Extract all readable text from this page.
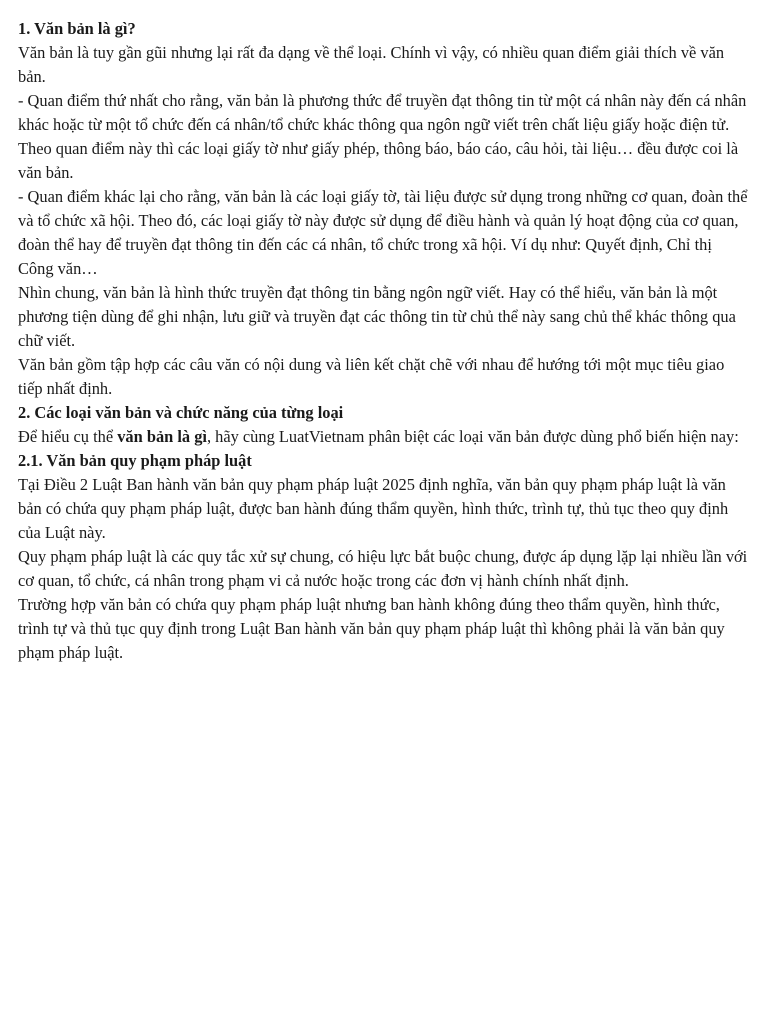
1. Văn bản là gì?

Văn bản là tuy gần gũi nhưng lại rất đa dạng về thể loại. Chính vì vậy, có nhiều quan điểm giải thích về văn bản.

- Quan điểm thứ nhất cho rằng, văn bản là phương thức để truyền đạt thông tin từ một cá nhân này đến cá nhân khác hoặc từ một tổ chức đến cá nhân/tổ chức khác thông qua ngôn ngữ viết trên chất liệu giấy hoặc điện tử.

Theo quan điểm này thì các loại giấy tờ như giấy phép, thông báo, báo cáo, câu hỏi, tài liệu… đều được coi là văn bản.

- Quan điểm khác lại cho rằng, văn bản là các loại giấy tờ, tài liệu được sử dụng trong những cơ quan, đoàn thể và tổ chức xã hội. Theo đó, các loại giấy tờ này được sử dụng để điều hành và quản lý hoạt động của cơ quan, đoàn thể hay để truyền đạt thông tin đến các cá nhân, tổ chức trong xã hội. Ví dụ như: Quyết định, Chỉ thị Công văn…

Nhìn chung, văn bản là hình thức truyền đạt thông tin bằng ngôn ngữ viết. Hay có thể hiểu, văn bản là một phương tiện dùng để ghi nhận, lưu giữ và truyền đạt các thông tin từ chủ thể này sang chủ thể khác thông qua chữ viết.

Văn bản gồm tập hợp các câu văn có nội dung và liên kết chặt chẽ với nhau để hướng tới một mục tiêu giao tiếp nhất định.

2. Các loại văn bản và chức năng của từng loại

Để hiểu cụ thể văn bản là gì, hãy cùng LuatVietnam phân biệt các loại văn bản được dùng phổ biến hiện nay:

2.1. Văn bản quy phạm pháp luật

Tại Điều 2 Luật Ban hành văn bản quy phạm pháp luật 2025 định nghĩa, văn bản quy phạm pháp luật là văn bản có chứa quy phạm pháp luật, được ban hành đúng thẩm quyền, hình thức, trình tự, thủ tục theo quy định của Luật này.

Quy phạm pháp luật là các quy tắc xử sự chung, có hiệu lực bắt buộc chung, được áp dụng lặp lại nhiều lần với cơ quan, tổ chức, cá nhân trong phạm vi cả nước hoặc trong các đơn vị hành chính nhất định.

Trường hợp văn bản có chứa quy phạm pháp luật nhưng ban hành không đúng theo thẩm quyền, hình thức, trình tự và thủ tục quy định trong Luật Ban hành văn bản quy phạm pháp luật thì không phải là văn bản quy phạm pháp luật.
